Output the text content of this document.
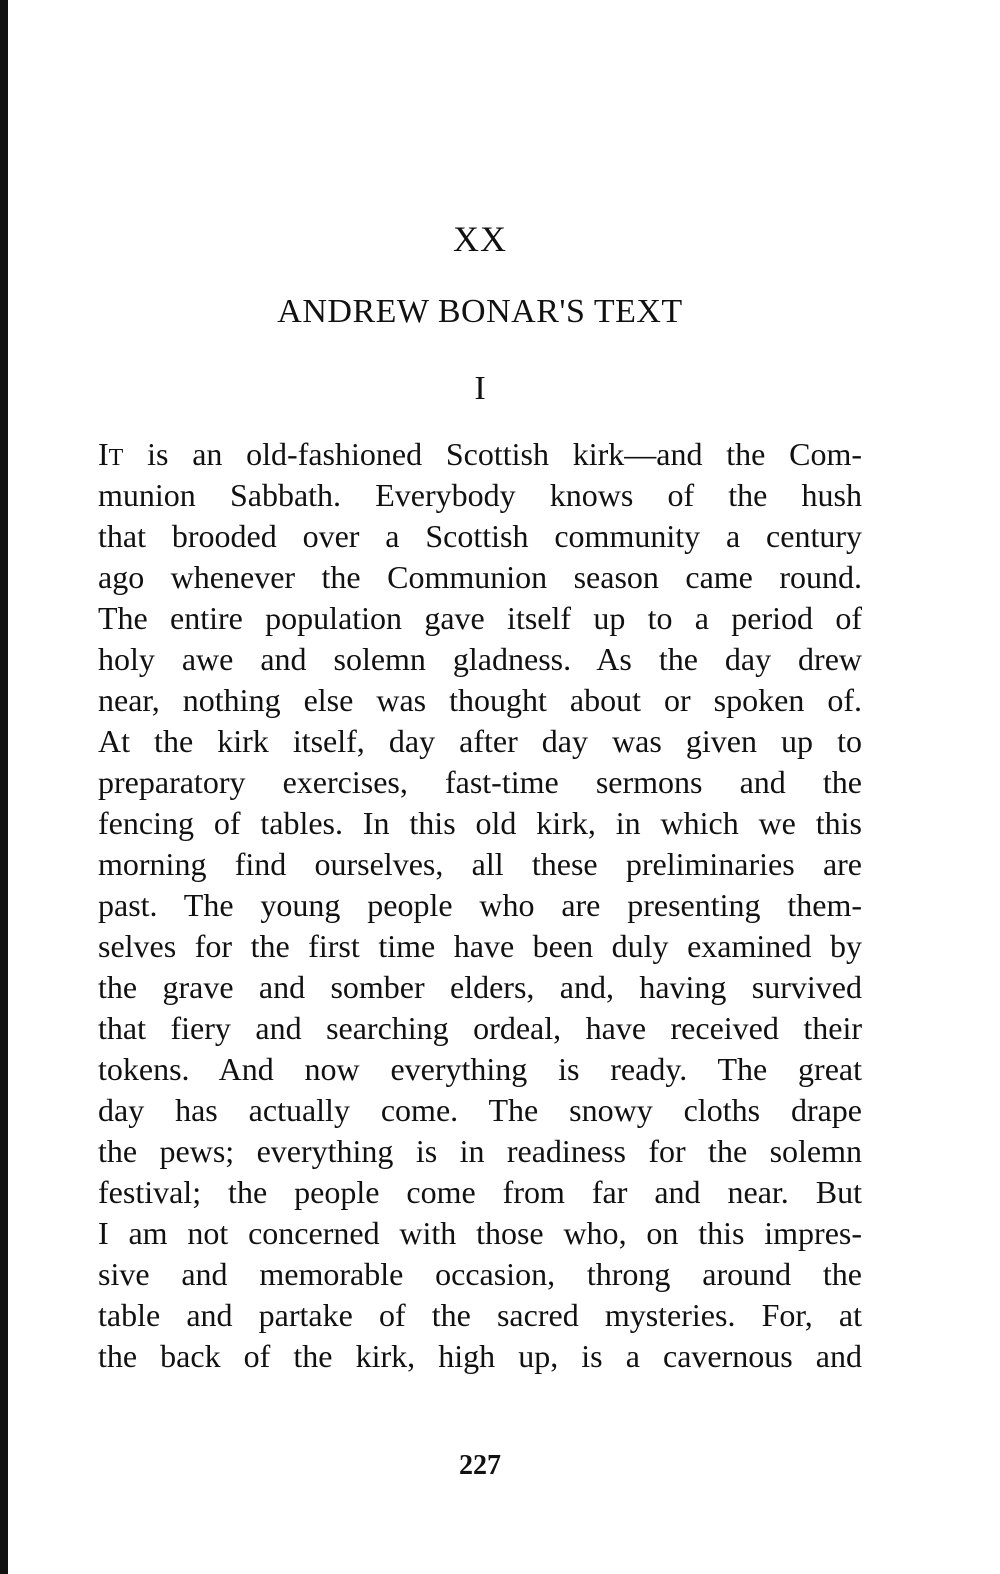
XX
ANDREW BONAR'S TEXT
I
IT is an old-fashioned Scottish kirk—and the Com-
munion Sabbath. Everybody knows of the hush
that brooded over a Scottish community a century
ago whenever the Communion season came round.
The entire population gave itself up to a period of
holy awe and solemn gladness. As the day drew
near, nothing else was thought about or spoken of.
At the kirk itself, day after day was given up to
preparatory exercises, fast-time sermons and the
fencing of tables. In this old kirk, in which we this
morning find ourselves, all these preliminaries are
past. The young people who are presenting them-
selves for the first time have been duly examined by
the grave and somber elders, and, having survived
that fiery and searching ordeal, have received their
tokens. And now everything is ready. The great
day has actually come. The snowy cloths drape
the pews; everything is in readiness for the solemn
festival; the people come from far and near. But
I am not concerned with those who, on this impres-
sive and memorable occasion, throng around the
table and partake of the sacred mysteries. For, at
the back of the kirk, high up, is a cavernous and
227
